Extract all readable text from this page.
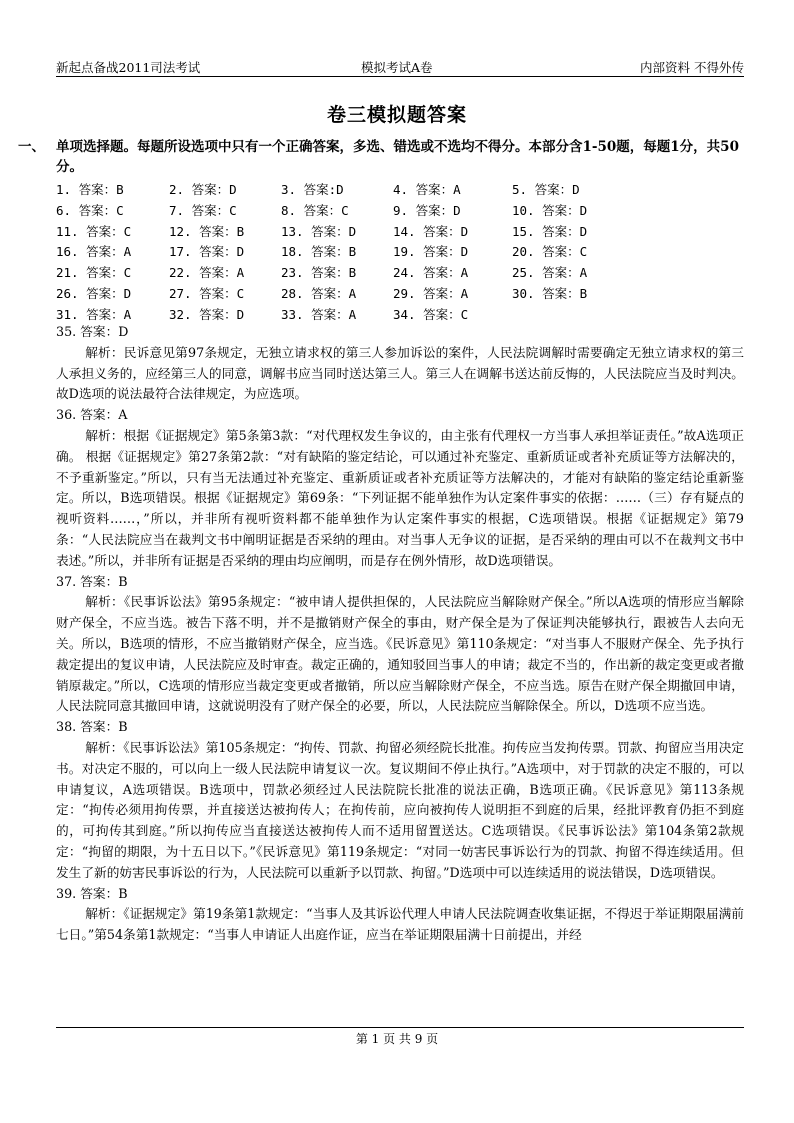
新起点备战2011司法考试	模拟考试A卷	内部资料 不得外传
卷三模拟题答案
一、 单项选择题。每题所设选项中只有一个正确答案，多选、错选或不选均不得分。本部分含1-50题，每题1分，共50分。
1. 答案：B	2. 答案：D	3. 答案:D	4. 答案：A	5. 答案：D
6. 答案：C	7. 答案：C	8. 答案：C	9. 答案：D	10. 答案：D
11. 答案：C	12. 答案：B	13. 答案：D	14. 答案：D	15. 答案：D
16. 答案：A	17. 答案：D	18. 答案：B	19. 答案：D	20. 答案：C
21. 答案：C	22. 答案：A	23. 答案：B	24. 答案：A	25. 答案：A
26. 答案：D	27. 答案：C	28. 答案：A	29. 答案：A	30. 答案：B
31. 答案：A	32. 答案：D	33. 答案：A	34. 答案：C

35. 答案：D

解析：民诉意见第97条规定，无独立请求权的第三人参加诉讼的案件，人民法院调解时需要确定无独立请求权的第三人承担义务的，应经第三人的同意，调解书应当同时送达第三人。第三人在调解书送达前反悔的，人民法院应当及时判决。故D选项的说法最符合法律规定，为应选项。

36. 答案：A

解析：根据《证据规定》第5条第3款：“对代理权发生争议的，由主张有代理权一方当事人承担举证责任。”故A选项正确。 根据《证据规定》第27条第2款：“对有缺陷的鉴定结论，可以通过补充鉴定、重新质证或者补充质证等方法解决的，不予重新鉴定。”所以，只有当无法通过补充鉴定、重新质证或者补充质证等方法解决的，才能对有缺陷的鉴定结论重新鉴定。所以，B选项错误。根据《证据规定》第69条：“下列证据不能单独作为认定案件事实的依据：……（三）存有疑点的视听资料……，”所以，并非所有视听资料都不能单独作为认定案件事实的根据，C选项错误。根据《证据规定》第79条：“人民法院应当在裁判文书中阐明证据是否采纳的理由。对当事人无争议的证据，是否采纳的理由可以不在裁判文书中表述。”所以，并非所有证据是否采纳的理由均应阐明，而是存在例外情形，故D选项错误。

37. 答案：B

解析：《民事诉讼法》第95条规定：“被申请人提供担保的，人民法院应当解除财产保全。”所以A选项的情形应当解除财产保全，不应当选。被告下落不明，并不是撤销财产保全的事由，财产保全是为了保证判决能够执行，跟被告人去向无关。所以，B选项的情形，不应当撤销财产保全，应当选。《民诉意见》第110条规定：“对当事人不服财产保全、先予执行裁定提出的复议申请，人民法院应及时审查。裁定正确的，通知驳回当事人的申请；裁定不当的，作出新的裁定变更或者撤销原裁定。”所以，C选项的情形应当裁定变更或者撤销，所以应当解除财产保全，不应当选。原告在财产保全期撤回申请，人民法院同意其撤回申请，这就说明没有了财产保全的必要，所以，人民法院应当解除保全。所以，D选项不应当选。

38. 答案：B

解析：《民事诉讼法》第105条规定：“拘传、罚款、拘留必须经院长批准。拘传应当发拘传票。罚款、拘留应当用决定书。对决定不服的，可以向上一级人民法院申请复议一次。复议期间不停止执行。”A选项中，对于罚款的决定不服的，可以申请复议，A选项错误。B选项中，罚款必须经过人民法院院长批准的说法正确，B选项正确。《民诉意见》第113条规定：“拘传必须用拘传票，并直接送达被拘传人；在拘传前，应向被拘传人说明拒不到庭的后果，经批评教育仍拒不到庭的，可拘传其到庭。”所以拘传应当直接送达被拘传人而不适用留置送达。C选项错误。《民事诉讼法》第104条第2款规定：“拘留的期限，为十五日以下。”《民诉意见》第119条规定：“对同一妨害民事诉讼行为的罚款、拘留不得连续适用。但发生了新的妨害民事诉讼的行为，人民法院可以重新予以罚款、拘留。”D选项中可以连续适用的说法错误，D选项错误。

39. 答案：B

解析：《证据规定》第19条第1款规定：“当事人及其诉讼代理人申请人民法院调查收集证据，不得迟于举证期限届满前七日。”第54条第1款规定：“当事人申请证人出庭作证，应当在举证期限届满十日前提出，并经

第 1 页 共 9 页
